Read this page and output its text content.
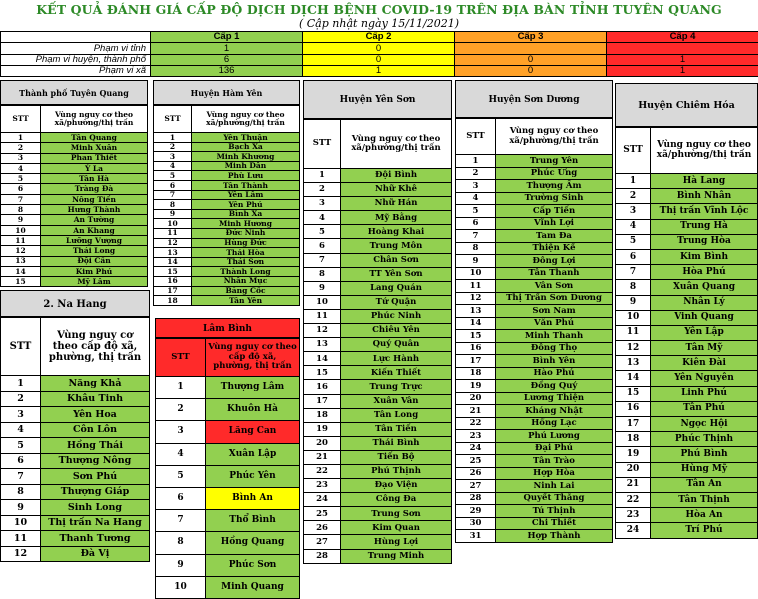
KẾT QUẢ ĐÁNH GIÁ CẤP ĐỘ DỊCH DỊCH BỆNH COVID-19 TRÊN ĐỊA BÀN TỈNH TUYÊN QUANG
( Cập nhật ngày 15/11/2021)
	Cấp 1	Cấp 2	Cấp 3	Cấp 4
Phạm vi tỉnh	1	0		
Phạm vi huyện, thành phố	6	0	0	1
Phạm vi xã	136	1	0	1
Thành phố Tuyên Quang
STT	Vùng nguy cơ theo xã/phường/thị trấn
1	Tân Quang
2	Minh Xuân
3	Phan Thiết
4	Ỷ La
5	Tân Hà
6	Tràng Đà
7	Nông Tiến
8	Hưng Thành
9	An Tường
10	An Khang
11	Lưỡng Vượng
12	Thái Long
13	Đội Cấn
14	Kim Phú
15	Mỹ Lâm
Huyện Hàm Yên
STT	Vùng nguy cơ theo xã/phường/thị trấn
1	Yên Thuận
2	Bạch Xa
3	Minh Khương
4	Minh Dân
5	Phù Lưu
6	Tân Thành
7	Yên Lâm
8	Yên Phú
9	Bình Xa
10	Minh Hương
11	Đức Ninh
12	Hùng Đức
13	Thái Hòa
14	Thái Sơn
15	Thành Long
16	Nhân Mục
17	Bằng Cốc
18	Tân Yên
Huyện Yên Sơn
STT	Vùng nguy cơ theo xã/phường/thị trấn
1	Đội Bình
2	Nhữ Khê
3	Nhữ Hán
4	Mỹ Bằng
5	Hoàng Khai
6	Trung Môn
7	Chân Sơn
8	TT Yên Sơn
9	Lang Quán
10	Tứ Quận
11	Phúc Ninh
12	Chiêu Yên
13	Quý Quân
14	Lực Hành
15	Kiến Thiết
16	Trung Trực
17	Xuân Vân
18	Tân Long
19	Tân Tiến
20	Thái Bình
21	Tiến Bộ
22	Phú Thịnh
23	Đạo Viện
24	Công Đa
25	Trung Sơn
26	Kim Quan
27	Hùng Lợi
28	Trung Minh
Huyện Sơn Dương
STT	Vùng nguy cơ theo xã/phường/thị trấn
1	Trung Yên
2	Phúc Ứng
3	Thượng Ấm
4	Trường Sinh
5	Cấp Tiến
6	Vĩnh Lợi
7	Tam Đa
8	Thiện Kế
9	Đông Lợi
10	Tân Thanh
11	Vân Sơn
12	Thị Trấn Sơn Dương
13	Sơn Nam
14	Văn Phú
15	Minh Thanh
16	Đông Thọ
17	Bình Yên
18	Hào Phú
19	Đồng Quý
20	Lương Thiện
21	Kháng Nhật
22	Hồng Lạc
23	Phú Lương
24	Đại Phú
25	Tân Trào
26	Hợp Hòa
27	Ninh Lai
28	Quyết Thắng
29	Tú Thịnh
30	Chi Thiết
31	Hợp Thành
Huyện Chiêm Hóa
STT	Vùng nguy cơ theo xã/phường/thị trấn
1	Hà Lang
2	Bình Nhân
3	Thị trấn Vĩnh Lộc
4	Trung Hà
5	Trung Hòa
6	Kim Bình
7	Hòa Phú
8	Xuân Quang
9	Nhân Lý
10	Vinh Quang
11	Yên Lập
12	Tân Mỹ
13	Kiên Đài
14	Yên Nguyên
15	Linh Phú
16	Tân Phú
17	Ngọc Hội
18	Phúc Thịnh
19	Phú Bình
20	Hùng Mỹ
21	Tân An
22	Tân Thịnh
23	Hòa An
24	Trí Phú
2. Na Hang
STT	Vùng nguy cơ theo cấp độ xã, phường, thị trấn
1	Năng Khả
2	Khâu Tinh
3	Yên Hoa
4	Côn Lôn
5	Hồng Thái
6	Thượng Nông
7	Sơn Phú
8	Thượng Giáp
9	Sinh Long
10	Thị trấn Na Hang
11	Thanh Tương
12	Đà Vị
Lâm Bình
STT	Vùng nguy cơ theo cấp độ xã, phường, thị trấn
1	Thượng Lâm
2	Khuôn Hà
3	Lăng Can
4	Xuân Lập
5	Phúc Yên
6	Bình An
7	Thổ Bình
8	Hồng Quang
9	Phúc Sơn
10	Minh Quang
